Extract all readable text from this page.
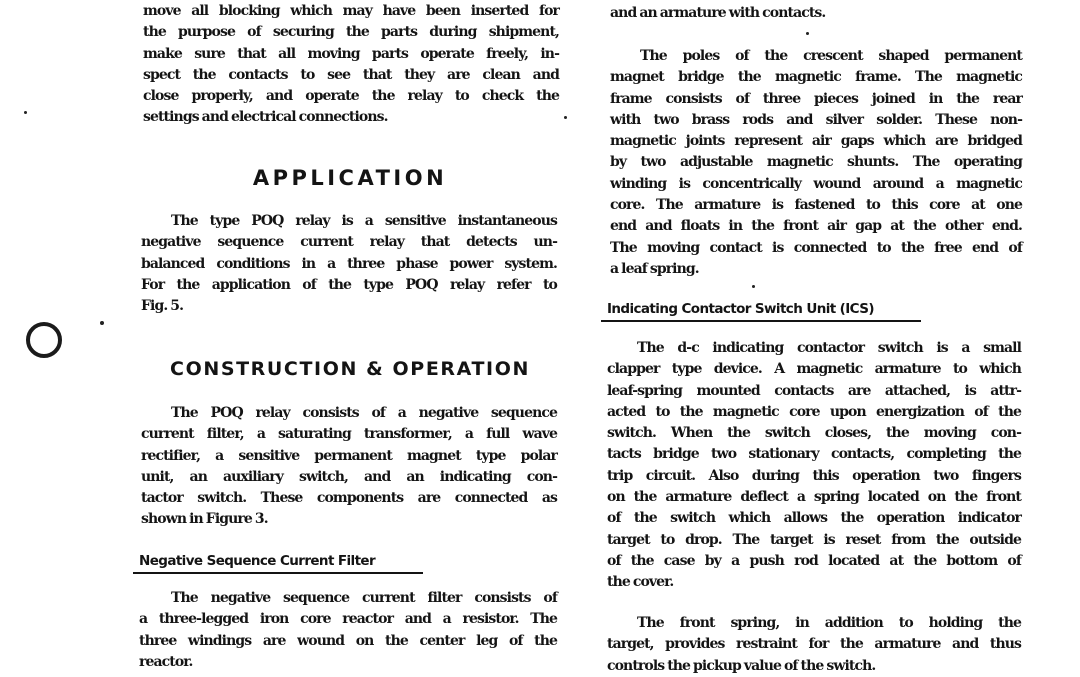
move all blocking which may have been inserted for
the purpose of securing the parts during shipment,
make sure that all moving parts operate freely, in-
spect the contacts to see that they are clean and
close properly, and operate the relay to check the
settings and electrical connections.
APPLICATION
The type POQ relay is a sensitive instantaneous
negative sequence current relay that detects un-
balanced conditions in a three phase power system.
For the application of the type POQ relay refer to
Fig. 5.
CONSTRUCTION & OPERATION
The POQ relay consists of a negative sequence
current filter, a saturating transformer, a full wave
rectifier, a sensitive permanent magnet type polar
unit, an auxiliary switch, and an indicating con-
tactor switch. These components are connected as
shown in Figure 3.
Negative Sequence Current Filter
The negative sequence current filter consists of
a three-legged iron core reactor and a resistor. The
three windings are wound on the center leg of the
reactor.
and an armature with contacts.
The poles of the crescent shaped permanent
magnet bridge the magnetic frame. The magnetic
frame consists of three pieces joined in the rear
with two brass rods and silver solder. These non-
magnetic joints represent air gaps which are bridged
by two adjustable magnetic shunts. The operating
winding is concentrically wound around a magnetic
core. The armature is fastened to this core at one
end and floats in the front air gap at the other end.
The moving contact is connected to the free end of
a leaf spring.
Indicating Contactor Switch Unit (ICS)
The d-c indicating contactor switch is a small
clapper type device. A magnetic armature to which
leaf-spring mounted contacts are attached, is attr-
acted to the magnetic core upon energization of the
switch. When the switch closes, the moving con-
tacts bridge two stationary contacts, completing the
trip circuit. Also during this operation two fingers
on the armature deflect a spring located on the front
of the switch which allows the operation indicator
target to drop. The target is reset from the outside
of the case by a push rod located at the bottom of
the cover.
The front spring, in addition to holding the
target, provides restraint for the armature and thus
controls the pickup value of the switch.
